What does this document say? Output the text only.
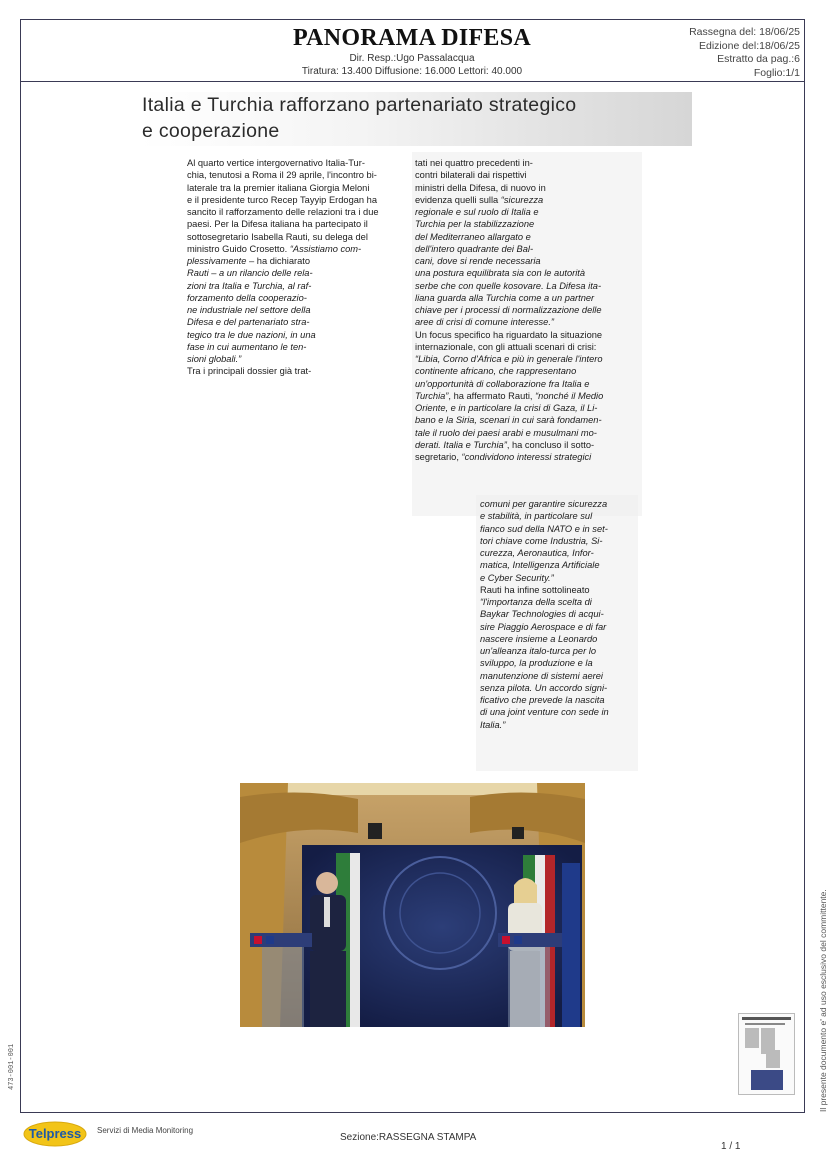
PANORAMA DIFESA
Dir. Resp.:Ugo Passalacqua
Tiratura: 13.400 Diffusione: 16.000 Lettori: 40.000
Rassegna del: 18/06/25
Edizione del:18/06/25
Estratto da pag.:6
Foglio:1/1
Italia e Turchia rafforzano partenariato strategico
e cooperazione

Al quarto vertice intergovernativo Italia-Tur-

chia, tenutosi a Roma il 29 aprile, l'incontro bi-

laterale tra la premier italiana Giorgia Meloni

e il presidente turco Recep Tayyip Erdogan ha

sancito il rafforzamento delle relazioni tra i due

paesi. Per la Difesa italiana ha partecipato il

sottosegretario Isabella Rauti, su delega del

ministro Guido Crosetto. “Assistiamo com-

plessivamente – ha dichiarato

Rauti – a un rilancio delle rela-

zioni tra Italia e Turchia, al raf-

forzamento della cooperazio-

ne industriale nel settore della

Difesa e del partenariato stra-

tegico tra le due nazioni, in una

fase in cui aumentano le ten-

sioni globali.”

Tra i principali dossier già trat-

tati nei quattro precedenti in-

contri bilaterali dai rispettivi

ministri della Difesa, di nuovo in

evidenza quelli sulla “sicurezza

regionale e sul ruolo di Italia e

Turchia per la stabilizzazione

del Mediterraneo allargato e

dell'intero quadrante dei Bal-

cani, dove si rende necessaria

una postura equilibrata sia con le autorità

serbe che con quelle kosovare. La Difesa ita-

liana guarda alla Turchia come a un partner

chiave per i processi di normalizzazione delle

aree di crisi di comune interesse.”

Un focus specifico ha riguardato la situazione

internazionale, con gli attuali scenari di crisi:

“Libia, Corno d'Africa e più in generale l'intero

continente africano, che rappresentano

un'opportunità di collaborazione fra Italia e

Turchia”, ha affermato Rauti, “nonché il Medio

Oriente, e in particolare la crisi di Gaza, il Li-

bano e la Siria, scenari in cui sarà fondamen-

tale il ruolo dei paesi arabi e musulmani mo-

derati. Italia e Turchia”, ha concluso il sotto-

segretario, “condividono interessi strategici

comuni per garantire sicurezza

e stabilità, in particolare sul

fianco sud della NATO e in set-

tori chiave come Industria, Si-

curezza, Aeronautica, Infor-

matica, Intelligenza Artificiale

e Cyber Security.”

Rauti ha infine sottolineato

“l'importanza della scelta di

Baykar Technologies di acqui-

sire Piaggio Aerospace e di far

nascere insieme a Leonardo

un'alleanza italo-turca per lo

sviluppo, la produzione e la

manutenzione di sistemi aerei

senza pilota. Un accordo signi-

ficativo che prevede la nascita

di una joint venture con sede in

Italia.”

Il presente documento e' ad uso esclusivo del committente.
473-001-001
Telpress	Servizi di Media Monitoring
Sezione:RASSEGNA STAMPA
1 / 1
